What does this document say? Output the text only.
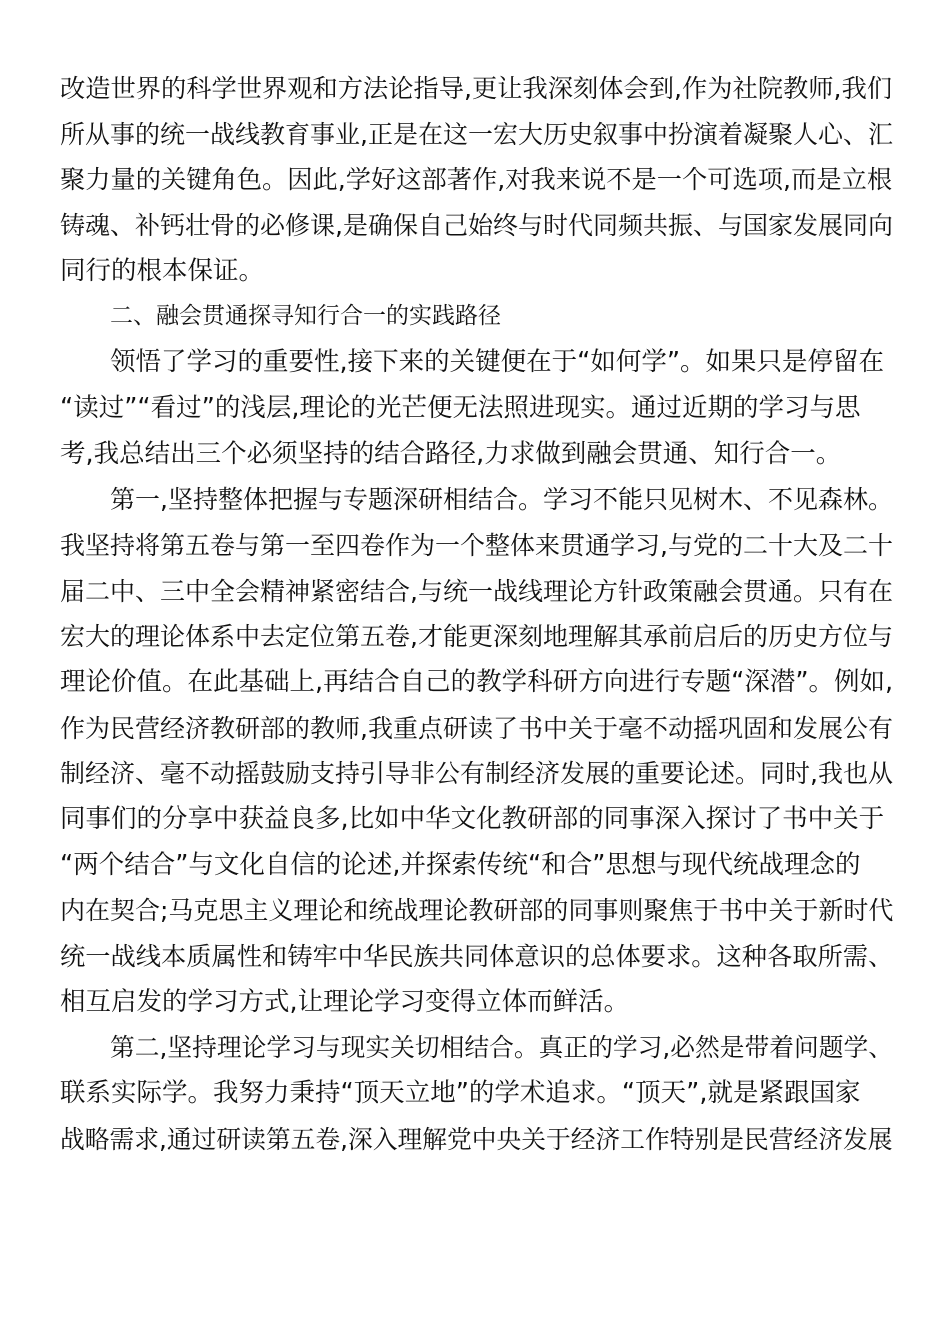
改造世界的科学世界观和方法论指导,更让我深刻体会到,作为社院教师,我们
所从事的统一战线教育事业,正是在这一宏大历史叙事中扮演着凝聚人心、汇
聚力量的关键角色。因此,学好这部著作,对我来说不是一个可选项,而是立根
铸魂、补钙壮骨的必修课,是确保自己始终与时代同频共振、与国家发展同向
同行的根本保证。
二、融会贯通探寻知行合一的实践路径
领悟了学习的重要性,接下来的关键便在于“如何学”。如果只是停留在
“读过”“看过”的浅层,理论的光芒便无法照进现实。通过近期的学习与思
考,我总结出三个必须坚持的结合路径,力求做到融会贯通、知行合一。
第一,坚持整体把握与专题深研相结合。学习不能只见树木、不见森林。
我坚持将第五卷与第一至四卷作为一个整体来贯通学习,与党的二十大及二十
届二中、三中全会精神紧密结合,与统一战线理论方针政策融会贯通。只有在
宏大的理论体系中去定位第五卷,才能更深刻地理解其承前启后的历史方位与
理论价值。在此基础上,再结合自己的教学科研方向进行专题“深潜”。例如,
作为民营经济教研部的教师,我重点研读了书中关于毫不动摇巩固和发展公有
制经济、毫不动摇鼓励支持引导非公有制经济发展的重要论述。同时,我也从
同事们的分享中获益良多,比如中华文化教研部的同事深入探讨了书中关于
“两个结合”与文化自信的论述,并探索传统“和合”思想与现代统战理念的
内在契合;马克思主义理论和统战理论教研部的同事则聚焦于书中关于新时代
统一战线本质属性和铸牢中华民族共同体意识的总体要求。这种各取所需、
相互启发的学习方式,让理论学习变得立体而鲜活。
第二,坚持理论学习与现实关切相结合。真正的学习,必然是带着问题学、
联系实际学。我努力秉持“顶天立地”的学术追求。“顶天”,就是紧跟国家
战略需求,通过研读第五卷,深入理解党中央关于经济工作特别是民营经济发展
